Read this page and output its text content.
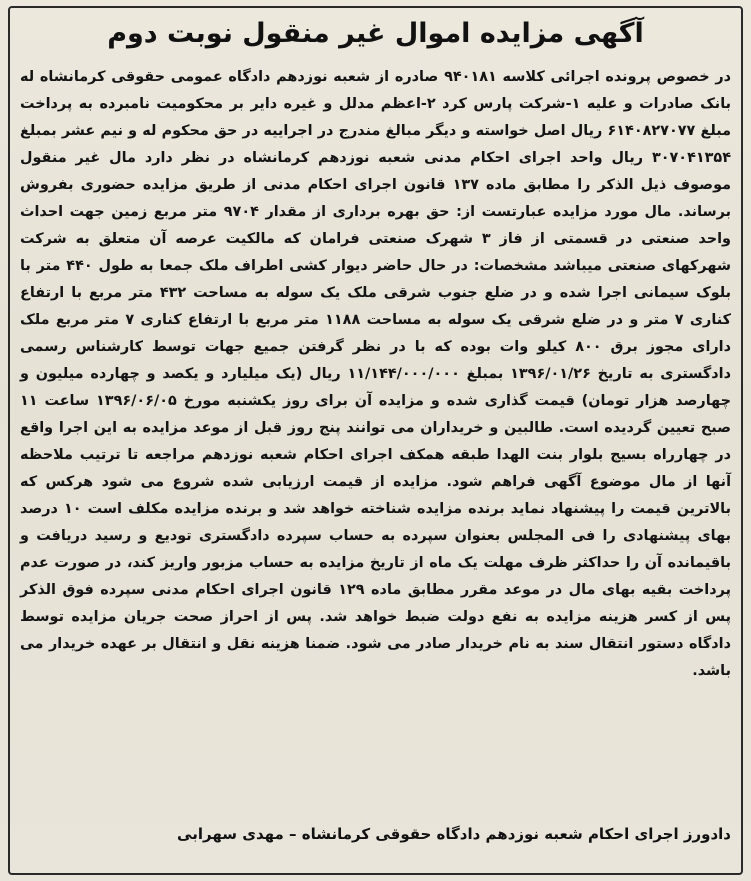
آگهی مزایده اموال غیر منقول نوبت دوم

در خصوص پرونده اجرائی کلاسه ۹۴۰۱۸۱ صادره از شعبه نوزدهم دادگاه عمومی حقوقی کرمانشاه له بانک صادرات و علیه ۱-شرکت پارس کرد ۲-اعظم مدلل و غیره دایر بر محکومیت نامبرده به پرداخت مبلغ ۶۱۴۰۸۲۷۰۷۷ ریال اصل خواسته و دیگر مبالغ مندرج در اجراییه در حق محکوم له و نیم عشر بمبلغ ۳۰۷۰۴۱۳۵۴ ریال واحد اجرای احکام مدنی شعبه نوزدهم کرمانشاه در نظر دارد مال غیر منقول موصوف ذیل الذکر را مطابق ماده ۱۳۷ قانون اجرای احکام مدنی از طریق مزایده حضوری بفروش برساند. مال مورد مزایده عبارتست از: حق بهره برداری از مقدار ۹۷۰۴ متر مربع زمین جهت احداث واحد صنعتی در قسمتی از فاز ۳ شهرک صنعتی فرامان که مالکیت عرصه آن متعلق به شرکت شهرکهای صنعتی میباشد مشخصات: در حال حاضر دیوار کشی اطراف ملک جمعا به طول ۴۴۰ متر با بلوک سیمانی اجرا شده و در ضلع جنوب شرقی ملک یک سوله به مساحت ۴۳۲ متر مربع با ارتفاع کناری ۷ متر و در ضلع شرقی یک سوله به مساحت ۱۱۸۸ متر مربع با ارتفاع کناری ۷ متر مربع ملک دارای مجوز برق ۸۰۰ کیلو وات بوده که با در نظر گرفتن جمیع جهات توسط کارشناس رسمی دادگستری به تاریخ ۱۳۹۶/۰۱/۲۶ بمبلغ ۱۱/۱۴۴/۰۰۰/۰۰۰ ریال (یک میلیارد و یکصد و چهارده میلیون و چهارصد هزار تومان) قیمت گذاری شده و مزایده آن برای روز یکشنبه مورخ ۱۳۹۶/۰۶/۰۵ ساعت ۱۱ صبح تعیین گردیده است. طالبین و خریداران می توانند پنج روز قبل از موعد مزایده به این اجرا واقع در چهارراه بسیج بلوار بنت الهدا طبقه همکف اجرای احکام شعبه نوزدهم مراجعه تا ترتیب ملاحظه آنها از مال موضوع آگهی فراهم شود. مزایده از قیمت ارزیابی شده شروع می شود هرکس که بالاترین قیمت را پیشنهاد نماید برنده مزایده شناخته خواهد شد و برنده مزایده مکلف است ۱۰ درصد بهای پیشنهادی را فی المجلس بعنوان سپرده به حساب سپرده دادگستری تودیع و رسید دریافت و باقیمانده آن را حداکثر ظرف مهلت یک ماه از تاریخ مزایده به حساب مزبور واریز کند، در صورت عدم پرداخت بقیه بهای مال در موعد مقرر مطابق ماده ۱۲۹ قانون اجرای احکام مدنی سپرده فوق الذکر پس از کسر هزینه مزایده به نفع دولت ضبط خواهد شد. پس از احراز صحت جریان مزایده توسط دادگاه دستور انتقال سند به نام خریدار صادر می شود. ضمنا هزینه نقل و انتقال بر عهده خریدار می باشد.

دادورز اجرای احکام شعبه نوزدهم دادگاه حقوقی کرمانشاه – مهدی سهرابی
